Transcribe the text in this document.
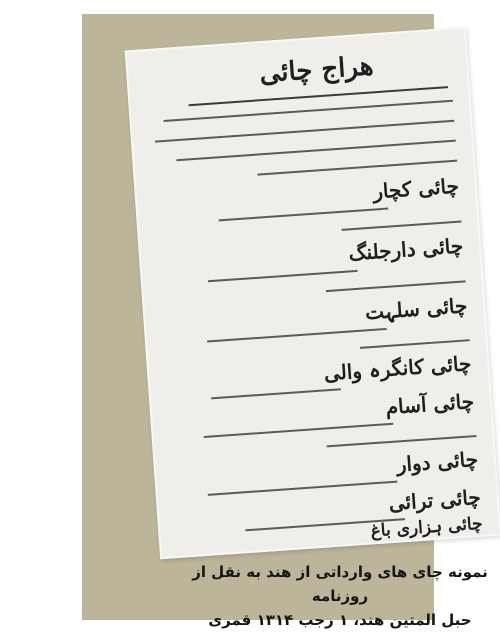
هراج چائی
چائی کچار
چائی دارجلنگ
چائی سلہت
چائی کانگرہ والی
چائی آسام
چائی دوار
چائی ترائی
چائی ہزاری باغ
نمونه چای های وارداتی از هند به نقل از روزنامه
حبل المتین هند، ۱ رجب ۱۳۱۴ قمری
